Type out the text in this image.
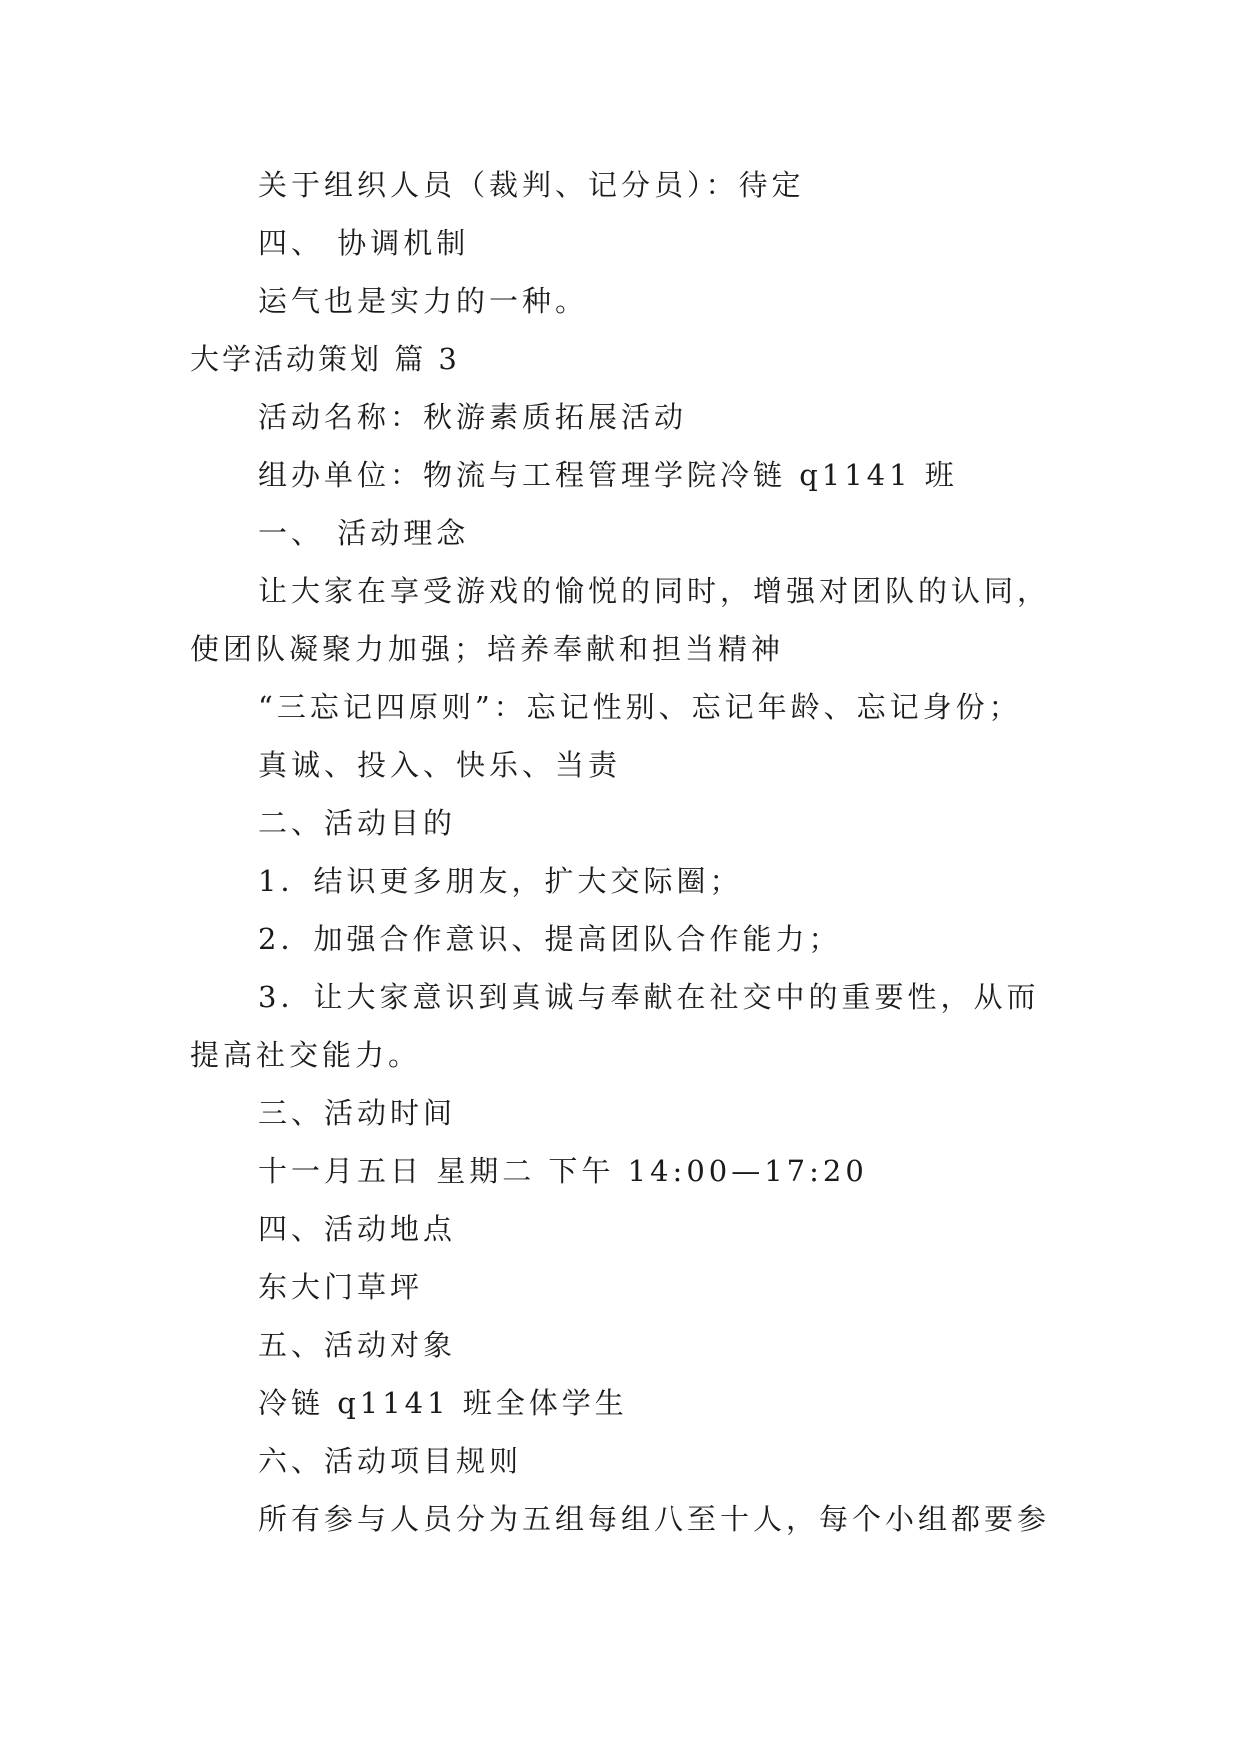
关于组织人员（裁判、记分员）：待定
四、 协调机制
运气也是实力的一种。
大学活动策划 篇 3
活动名称：秋游素质拓展活动
组办单位：物流与工程管理学院冷链 q1141 班
一、 活动理念
让大家在享受游戏的愉悦的同时，增强对团队的认同，
使团队凝聚力加强；培养奉献和担当精神
“三忘记四原则”：忘记性别、忘记年龄、忘记身份；
真诚、投入、快乐、当责
二、活动目的
1．结识更多朋友，扩大交际圈；
2．加强合作意识、提高团队合作能力；
3．让大家意识到真诚与奉献在社交中的重要性，从而
提高社交能力。
三、活动时间
十一月五日 星期二 下午 14:00—17:20
四、活动地点
东大门草坪
五、活动对象
冷链 q1141 班全体学生
六、活动项目规则
所有参与人员分为五组每组八至十人，每个小组都要参
